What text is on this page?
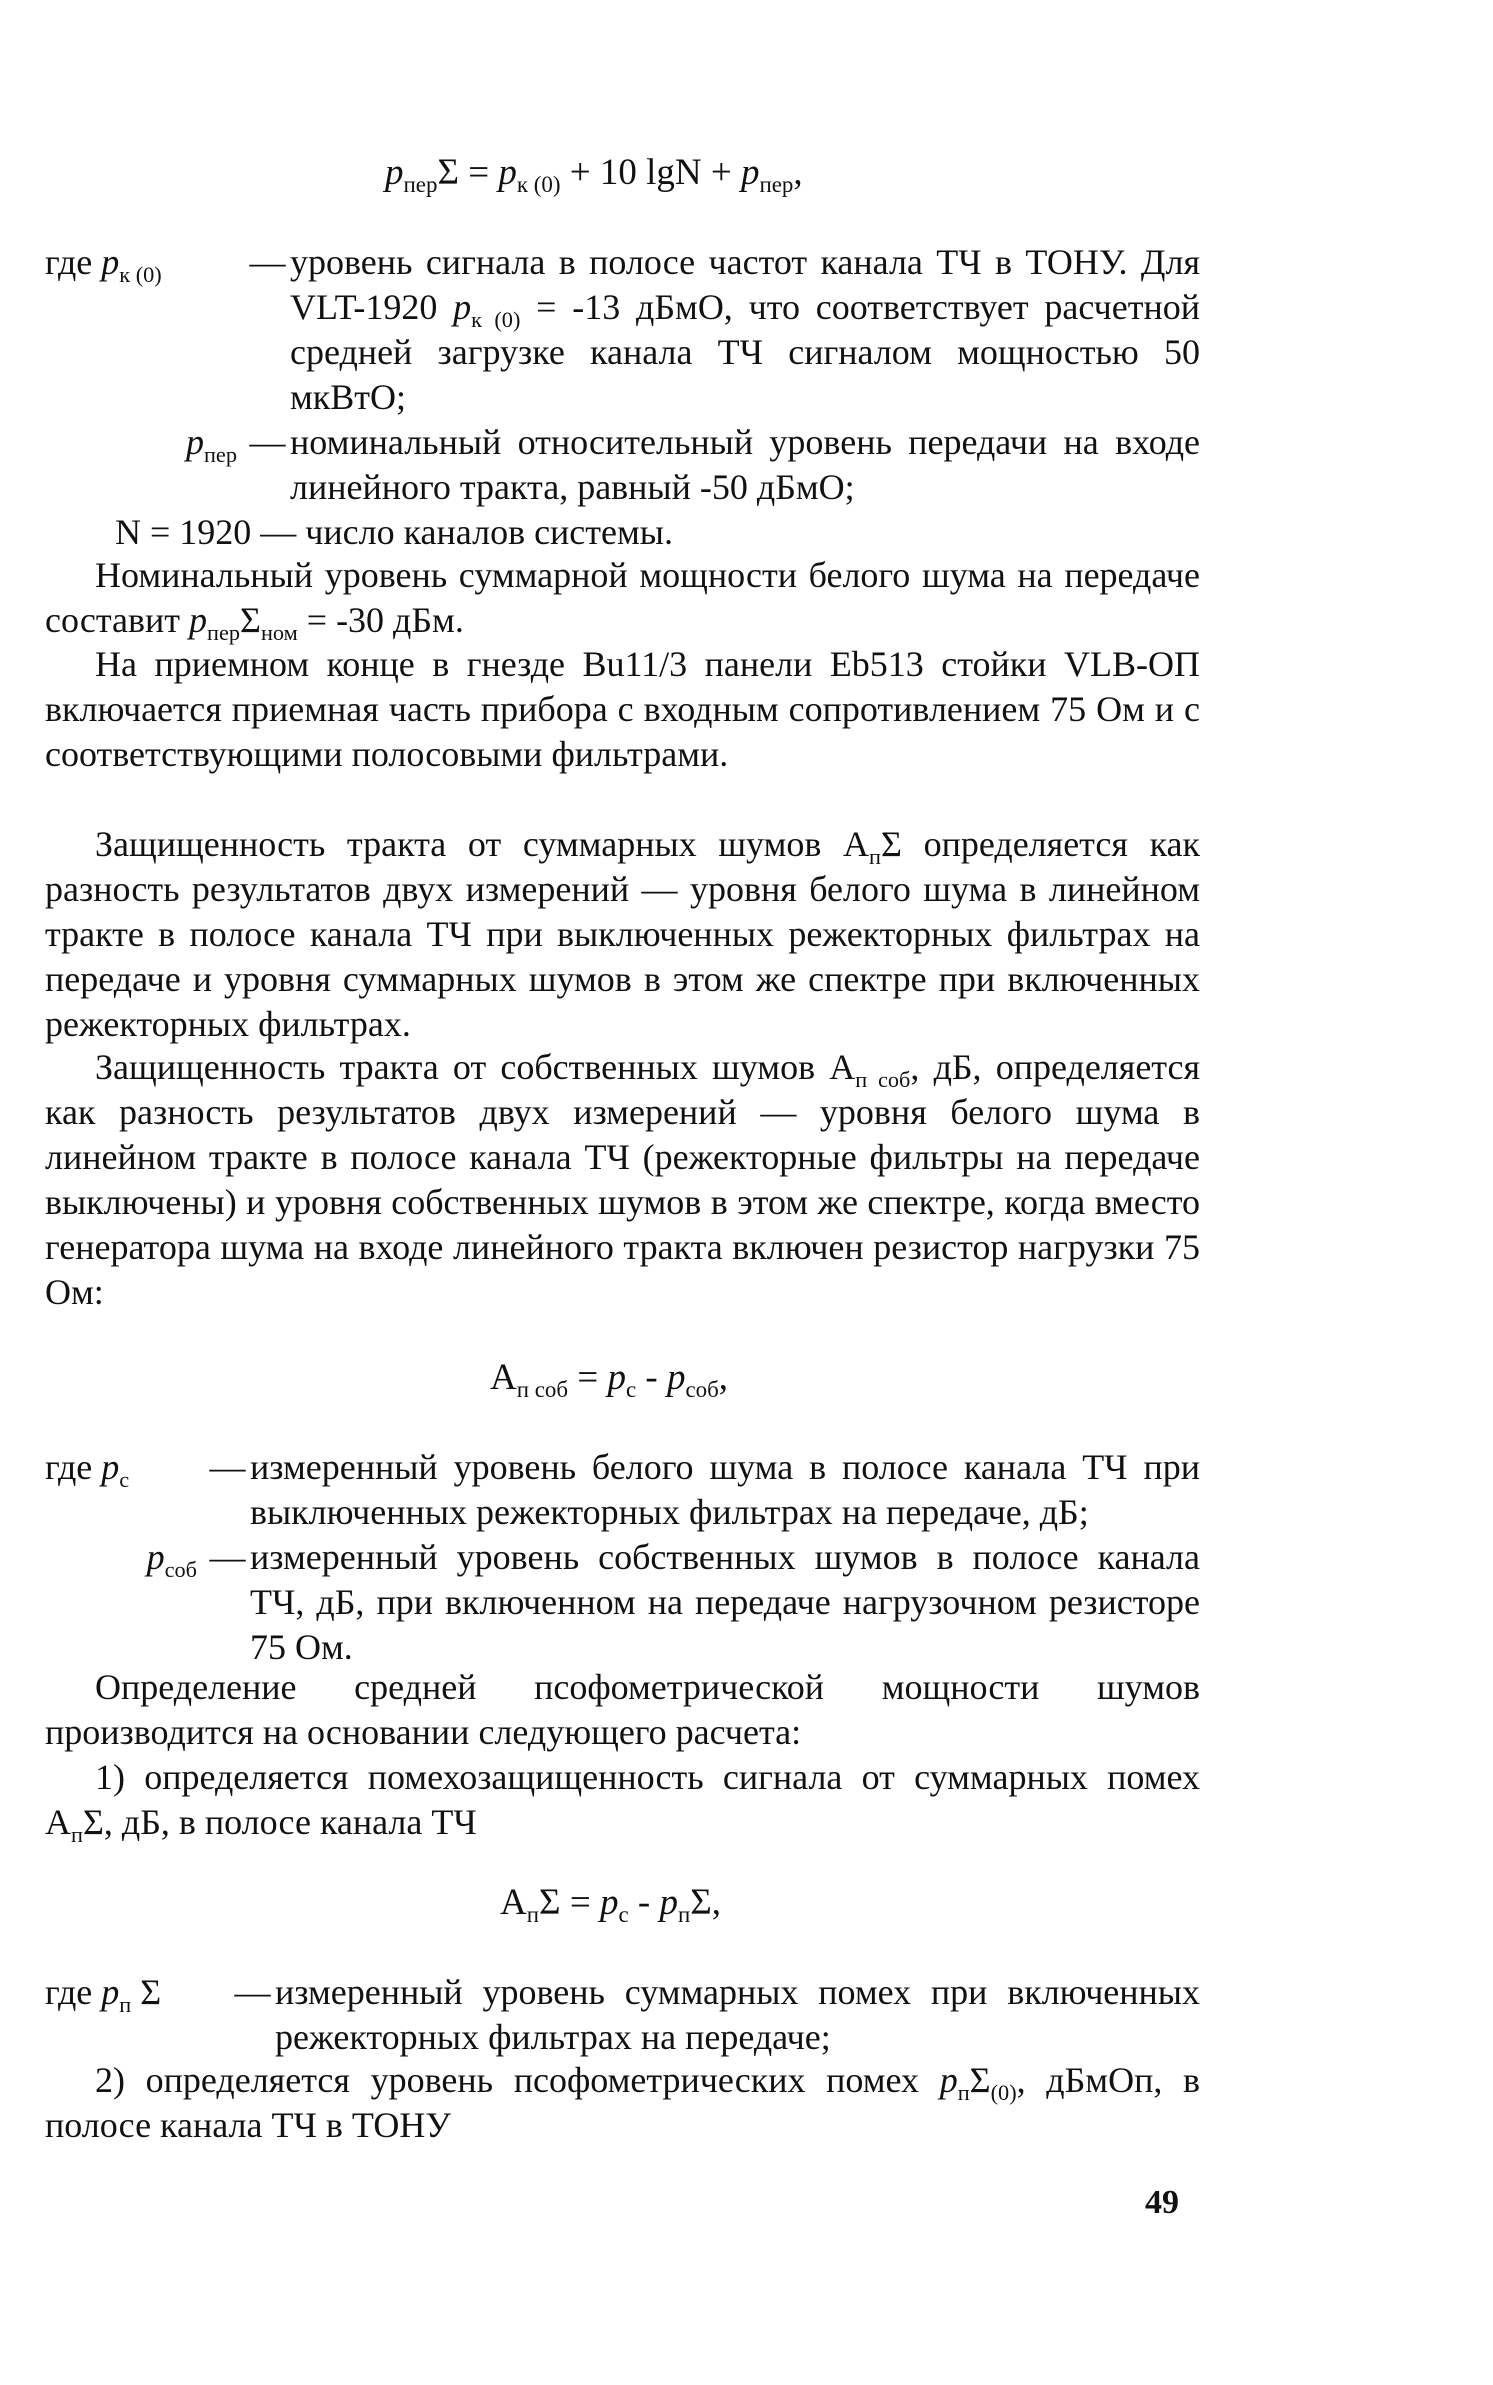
$р_{пер}\Sigma = р_{к (0)} + 10$ $\lg N + р_{пер}$,
где $р_{к (0)}$	— уровень сигнала в полосе частот канала ТЧ в ТОНУ. Для VLT-1920 $р_{к (0)} = -13$ дБмО, что соответствует расчетной средней загрузке канала ТЧ сигналом мощностью 50 мкВтО;
$р_{пер}$ — номинальный относительный уровень передачи на входе линейного тракта, равный -50 дБмО;

N = 1920 — число каналов системы.

Номинальный уровень суммарной мощности белого шума на передаче составит $р_{пер}\Sigma_{ном} = -30$ дБм.

На приемном конце в гнезде Bu11/3 панели Eb513 стойки VLB-ОП включается приемная часть прибора с входным сопротивлением 75 Ом и с соответствующими полосовыми фильтрами.

Защищенность тракта от суммарных шумов $А_п\Sigma$ определяется как разность результатов двух измерений — уровня белого шума в линейном тракте в полосе канала ТЧ при выключенных режекторных фильтрах на передаче и уровня суммарных шумов в этом же спектре при включенных режекторных фильтрах.

Защищенность тракта от собственных шумов $А_{п соб}$, дБ, определяется как разность результатов двух измерений — уровня белого шума в линейном тракте в полосе канала ТЧ (режекторные фильтры на передаче выключены) и уровня собственных шумов в этом же спектре, когда вместо генератора шума на входе линейного тракта включен резистор нагрузки 75 Ом:

$А_{п соб} = р_с - р_{соб}$,
где $р_с$	— измеренный уровень белого шума в полосе канала ТЧ при выключенных режекторных фильтрах на передаче, дБ;
$р_{соб}$ — измеренный уровень собственных шумов в полосе канала ТЧ, дБ, при включенном на передаче нагрузочном резисторе 75 Ом.

Определение средней псофометрической мощности шумов производится на основании следующего расчета:

1) определяется помехозащищенность сигнала от суммарных помех $А_п\Sigma$, дБ, в полосе канала ТЧ

$А_п\Sigma = р_с - р_п\Sigma$,
где $р_п$ Σ	— измеренный уровень суммарных помех при включенных режекторных фильтрах на передаче;

2) определяется уровень псофометрических помех $р_п\Sigma_{(0)}$, дБмОп, в полосе канала ТЧ в ТОНУ

49
